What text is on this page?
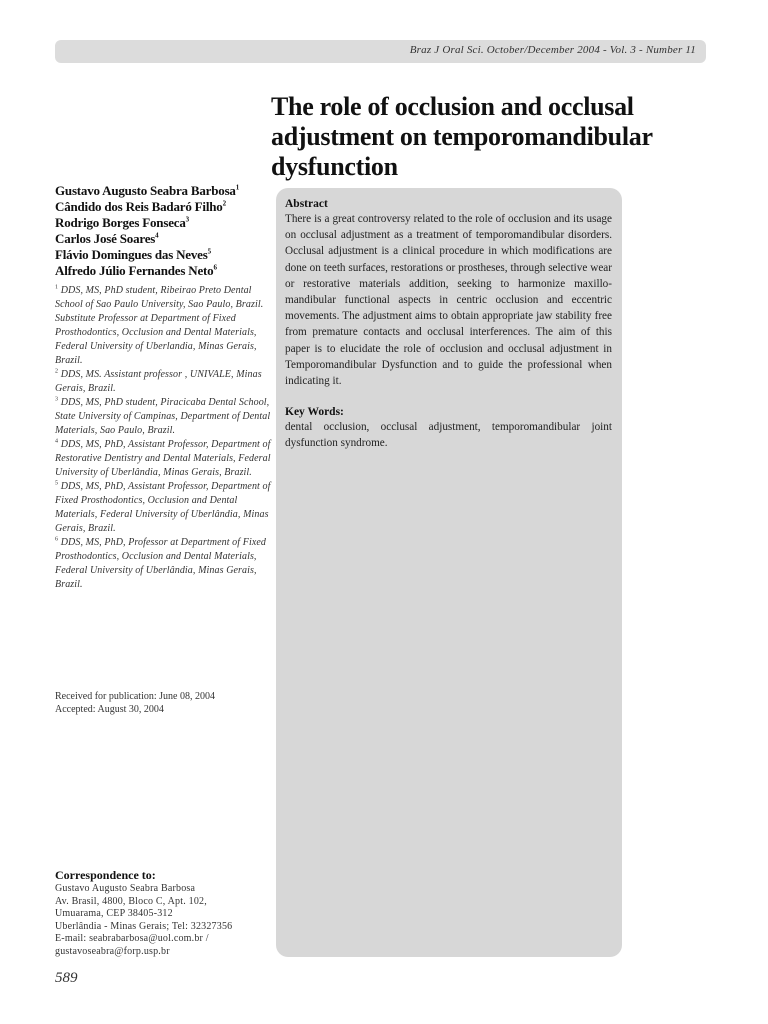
Braz J Oral Sci. October/December 2004 - Vol. 3 - Number 11
The role of occlusion and occlusal adjustment on temporomandibular dysfunction
Gustavo Augusto Seabra Barbosa$^1$
Cândido dos Reis Badaró Filho$^2$
Rodrigo Borges Fonseca$^3$
Carlos José Soares$^4$
Flávio Domingues das Neves$^5$
Alfredo Júlio Fernandes Neto$^6$
$^1$ DDS, MS, PhD student, Ribeirao Preto Dental School of Sao Paulo University, Sao Paulo, Brazil. Substitute Professor at Department of Fixed Prosthodontics, Occlusion and Dental Materials, Federal University of Uberlandia, Minas Gerais, Brazil.
$^2$ DDS, MS. Assistant professor , UNIVALE, Minas Gerais, Brazil.
$^3$ DDS, MS, PhD student, Piracicaba Dental School, State University of Campinas, Department of Dental Materials, Sao Paulo, Brazil.
$^4$ DDS, MS, PhD, Assistant Professor, Department of Restorative Dentistry and Dental Materials, Federal University of Uberlândia, Minas Gerais, Brazil.
$^5$ DDS, MS, PhD, Assistant Professor, Department of Fixed Prosthodontics, Occlusion and Dental Materials, Federal University of Uberlândia, Minas Gerais, Brazil.
$^6$ DDS, MS, PhD, Professor at Department of Fixed Prosthodontics, Occlusion and Dental Materials, Federal University of Uberlândia, Minas Gerais, Brazil.
Received for publication: June 08, 2004
Accepted: August 30, 2004
Correspondence to:
Gustavo Augusto Seabra Barbosa
Av. Brasil, 4800, Bloco C, Apt. 102,
Umuarama, CEP 38405-312
Uberlândia - Minas Gerais; Tel: 32327356
E-mail: seabrabarbosa@uol.com.br /
gustavoseabra@forp.usp.br
589
Abstract

There is a great controversy related to the role of occlusion and its usage on occlusal adjustment as a treatment of temporomandibular disorders. Occlusal adjustment is a clinical procedure in which modifications are done on teeth surfaces, restorations or prostheses, through selective wear or restorative materials addition, seeking to harmonize maxillo-mandibular functional aspects in centric occlusion and eccentric movements. The adjustment aims to obtain appropriate jaw stability free from premature contacts and occlusal interferences. The aim of this paper is to elucidate the role of occlusion and occlusal adjustment in Temporomandibular Dysfunction and to guide the professional when indicating it.

Key Words:

dental occlusion, occlusal adjustment, temporomandibular joint dysfunction syndrome.
